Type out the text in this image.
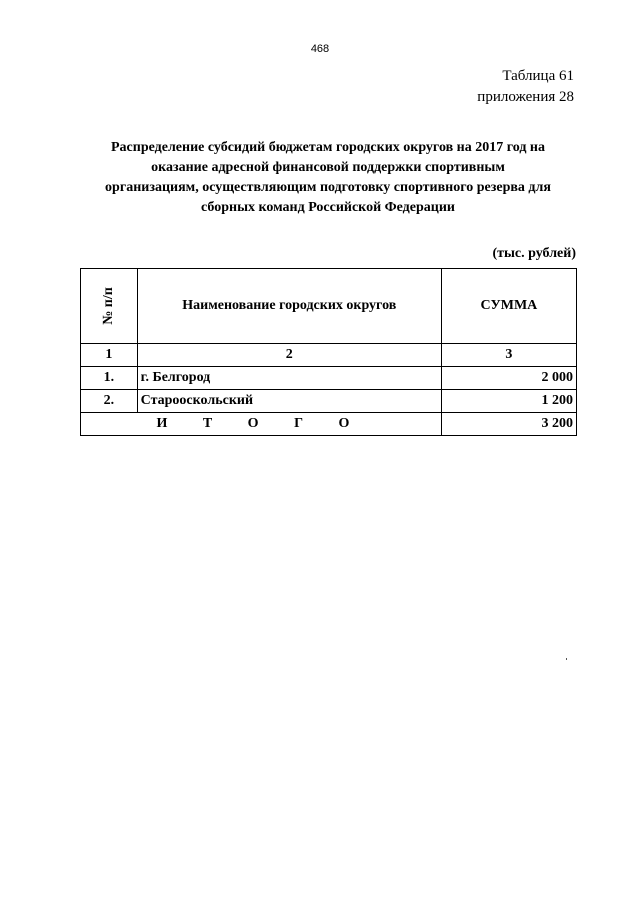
468
Таблица 61
приложения 28
Распределение субсидий бюджетам городских округов на 2017 год на
оказание адресной финансовой поддержки спортивным
организациям, осуществляющим подготовку спортивного резерва для
сборных команд Российской Федерации
(тыс. рублей)
№ п/п	Наименование городских округов	СУММА
1	2	3
1.	г. Белгород	2 000
2.	Старооскольский	1 200
И Т О Г О		3 200
